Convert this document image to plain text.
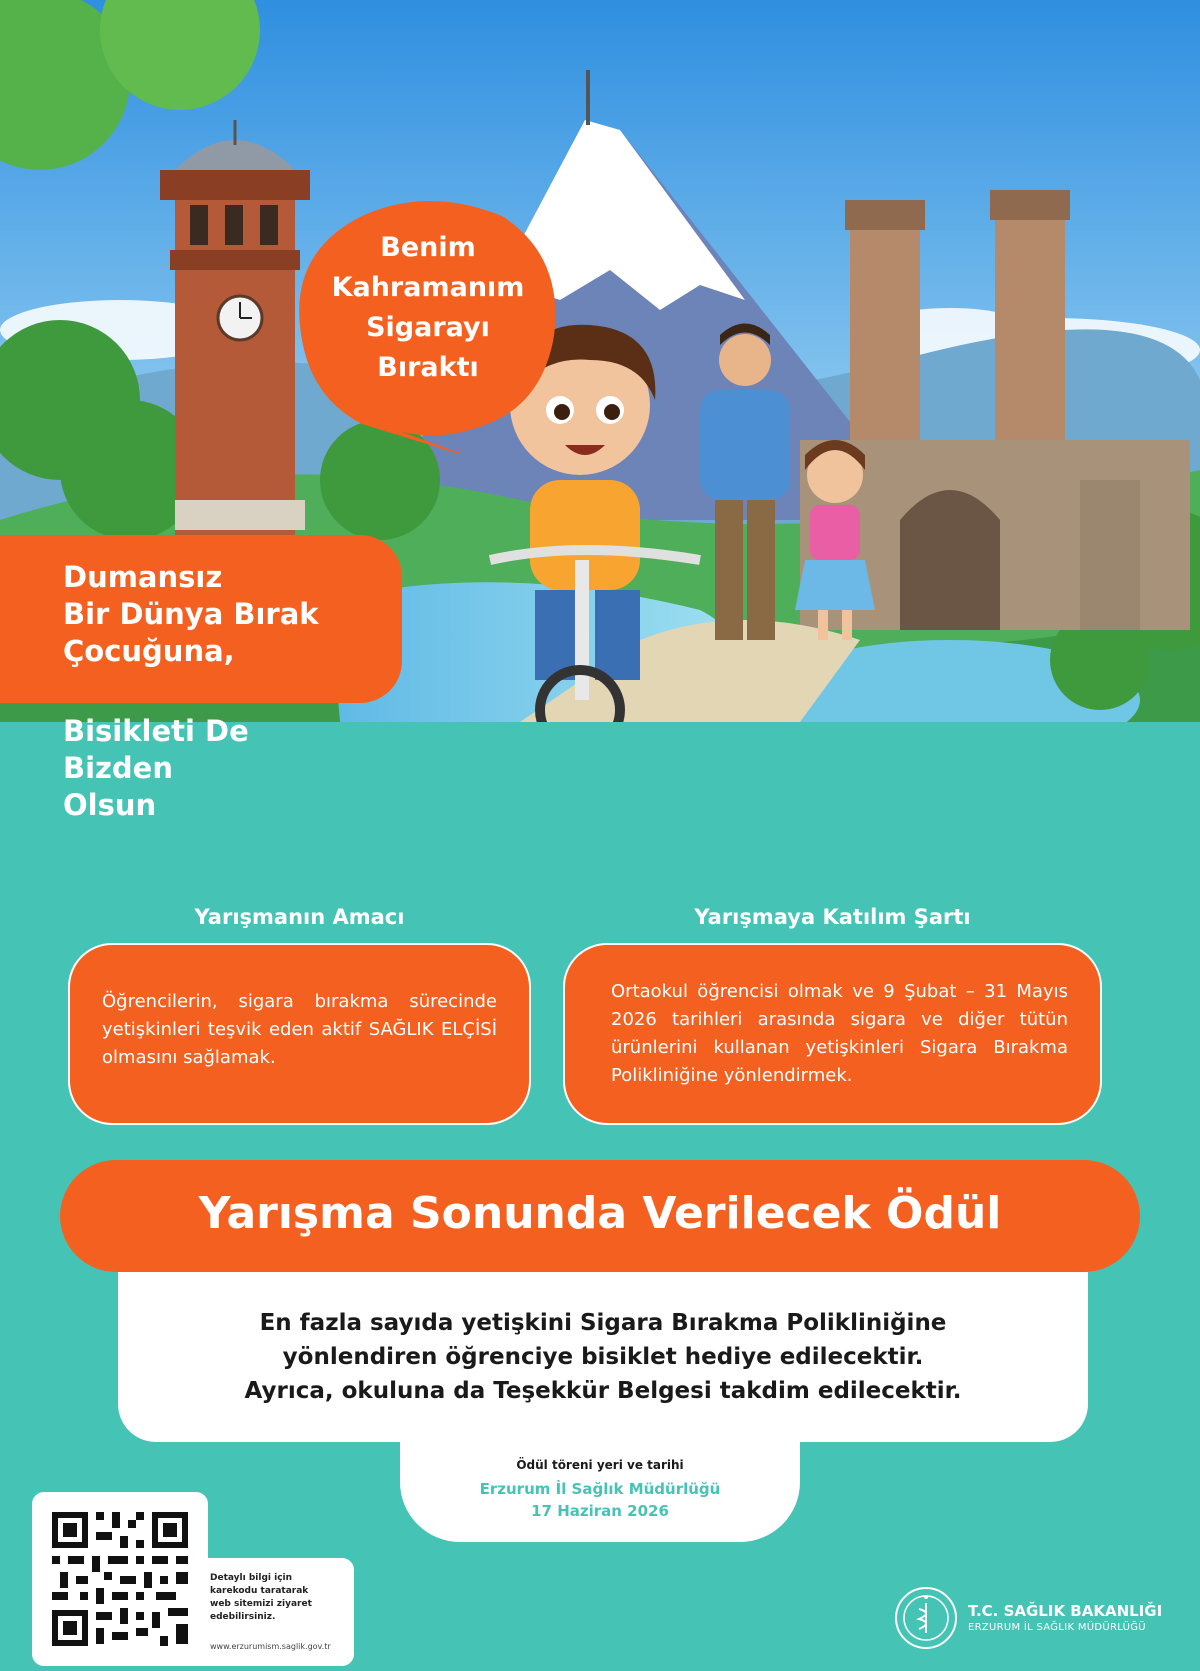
Benim
Kahramanım
Sigarayı
Bıraktı
Dumansız
Bir Dünya Bırak
Çocuğuna,
Bisikleti De
Bizden
Olsun
Yarışmanın Amacı	Yarışmaya Katılım Şartı
Öğrencilerin, sigara bırakma sürecinde yetişkinleri teşvik eden aktif SAĞLIK ELÇİSİ olmasını sağlamak.
Ortaokul öğrencisi olmak ve 9 Şubat – 31 Mayıs 2026 tarihleri arasında sigara ve diğer tütün ürünlerini kullanan yetişkinleri Sigara Bırakma Polikliniğine yönlendirmek.
Yarışma Sonunda Verilecek Ödül
En fazla sayıda yetişkini Sigara Bırakma Polikliniğine
yönlendiren öğrenciye bisiklet hediye edilecektir.
Ayrıca, okuluna da Teşekkür Belgesi takdim edilecektir.
Ödül töreni yeri ve tarihi
Erzurum İl Sağlık Müdürlüğü
17 Haziran 2026
Detaylı bilgi için karekodu taratarak web sitemizi ziyaret edebilirsiniz.
www.erzurumism.saglik.gov.tr
T.C. SAĞLIK BAKANLIĞI
ERZURUM İL SAĞLIK MÜDÜRLÜĞÜ
